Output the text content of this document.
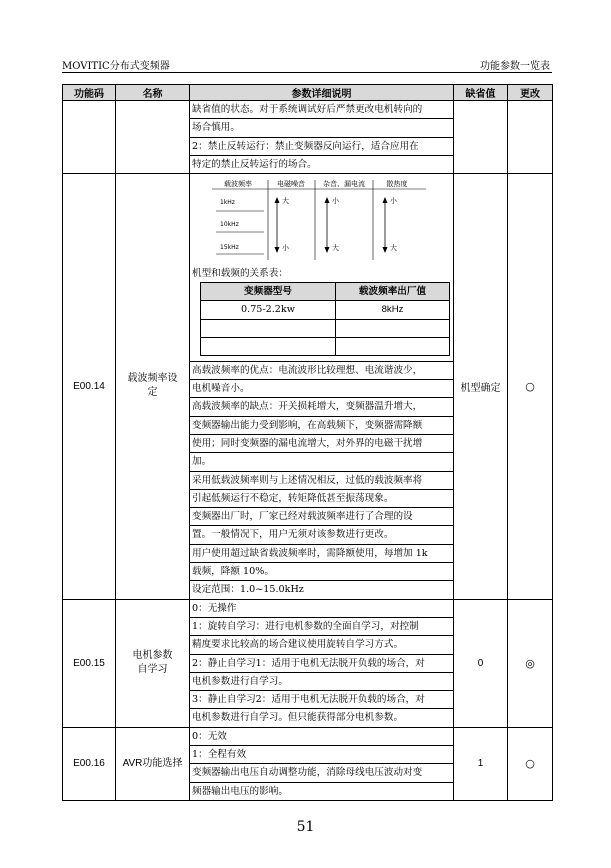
MOVITIC分布式变频器	功能参数一览表
功能码	名称	参数详细说明	缺省值	更改

缺省值的状态。对于系统调试好后严禁更改电机转向的
场合慎用。
2：禁止反转运行：禁止变频器反向运行，适合应用在
特定的禁止反转运行的场合。

E00.14	载波频率设
定	
载波频率	电磁噪音	杂音、漏电流	散热度
1kHz
10kHz
15kHz
大	小	小
小	大	大
机型和载频的关系表：
变频器型号	载波频率出厂值
0.75-2.2kw	8kHz

高载波频率的优点：电流波形比较理想、电流谐波少，
电机噪音小。
高载波频率的缺点：开关损耗增大，变频器温升增大，
变频器输出能力受到影响，在高载频下，变频器需降额
使用；同时变频器的漏电流增大，对外界的电磁干扰增
加。
采用低载波频率则与上述情况相反，过低的载波频率将
引起低频运行不稳定，转矩降低甚至振荡现象。
变频器出厂时，厂家已经对载波频率进行了合理的设
置。一般情况下，用户无须对该参数进行更改。
用户使用超过缺省载波频率时，需降额使用，每增加 1k
载频，降额 10%。
设定范围：1.0~15.0kHz
	机型确定	○
E00.15	电机参数
自学习	
0：无操作
1：旋转自学习：进行电机参数的全面自学习，对控制
精度要求比较高的场合建议使用旋转自学习方式。
2：静止自学习1：适用于电机无法脱开负载的场合，对
电机参数进行自学习。
3：静止自学习2：适用于电机无法脱开负载的场合，对
电机参数进行自学习。但只能获得部分电机参数。
	0	◎
E00.16	AVR功能选择	
0：无效
1：全程有效
变频器输出电压自动调整功能，消除母线电压波动对变
频器输出电压的影响。
	1	○
51
